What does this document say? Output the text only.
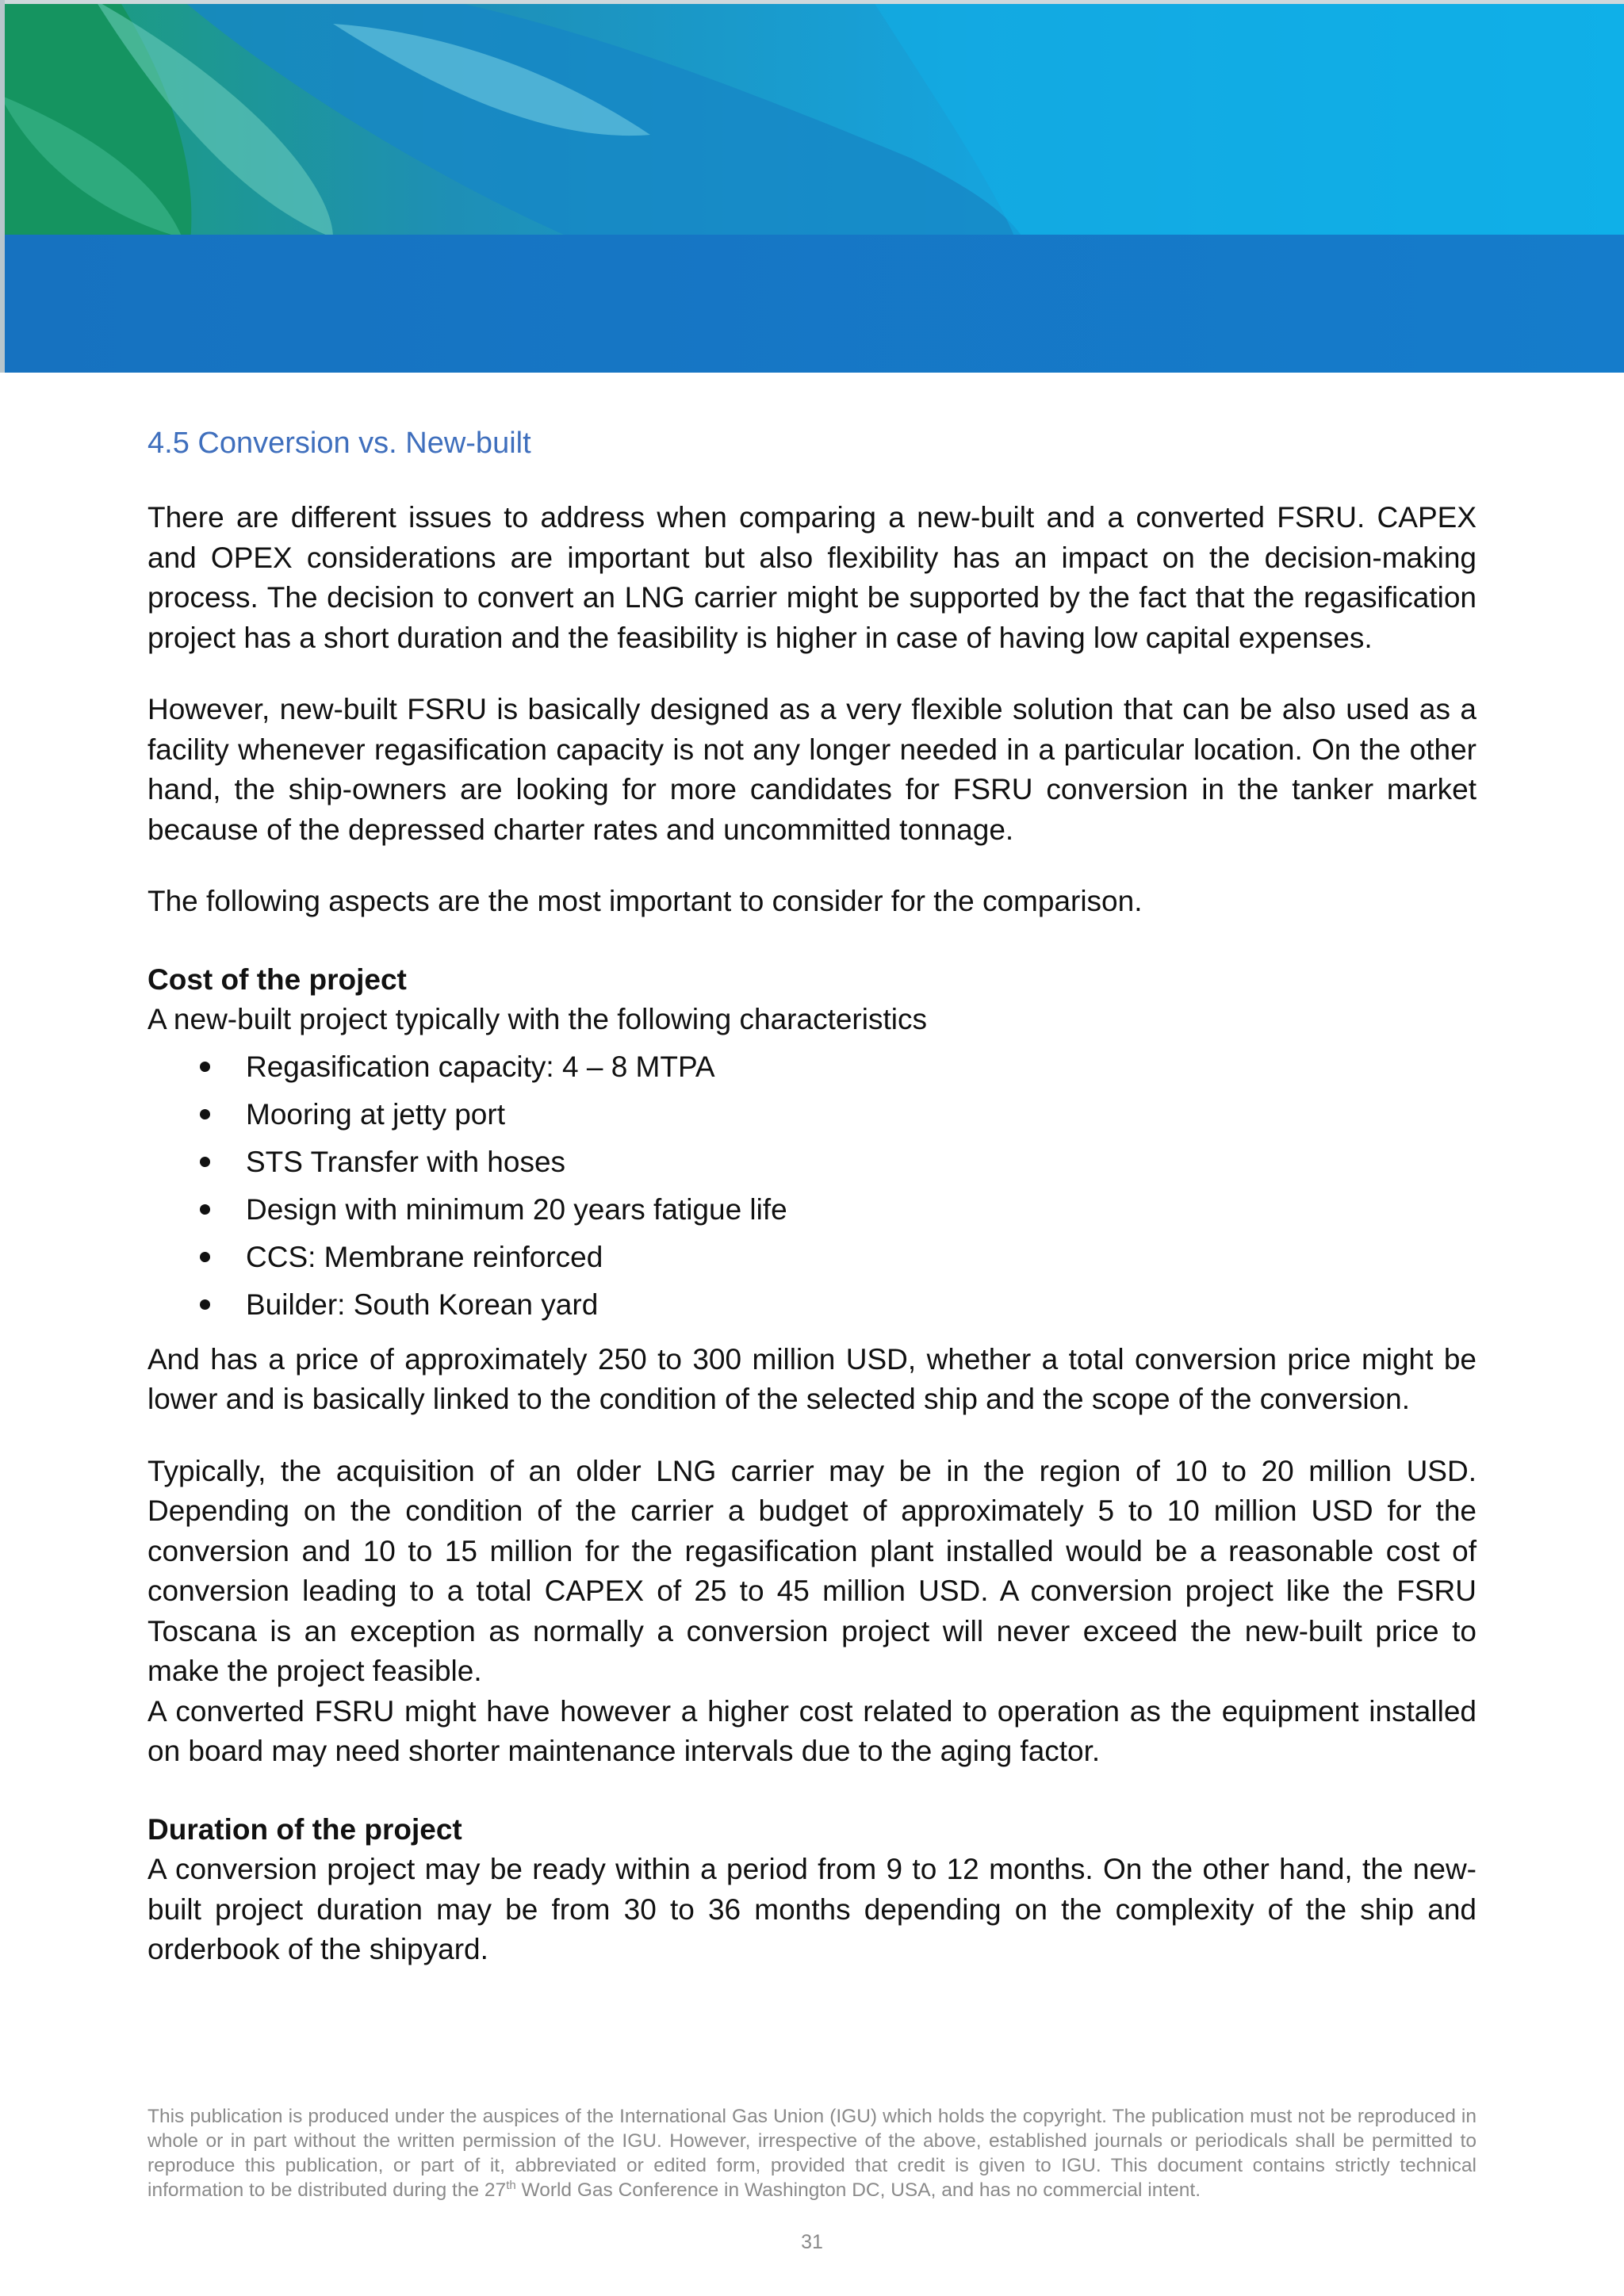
4.5 Conversion vs. New-built

There are different issues to address when comparing a new-built and a converted FSRU. CAPEX and OPEX considerations are important but also flexibility has an impact on the decision-making process. The decision to convert an LNG carrier might be supported by the fact that the regasification project has a short duration and the feasibility is higher in case of having low capital expenses.

However, new-built FSRU is basically designed as a very flexible solution that can be also used as a facility whenever regasification capacity is not any longer needed in a particular location. On the other hand, the ship-owners are looking for more candidates for FSRU conversion in the tanker market because of the depressed charter rates and uncommitted tonnage.

The following aspects are the most important to consider for the comparison.

Cost of the project

A new-built project typically with the following characteristics

Regasification capacity: 4 – 8 MTPA
Mooring at jetty port
STS Transfer with hoses
Design with minimum 20 years fatigue life
CCS: Membrane reinforced
Builder: South Korean yard

And has a price of approximately 250 to 300 million USD, whether a total conversion price might be lower and is basically linked to the condition of the selected ship and the scope of the conversion.

Typically, the acquisition of an older LNG carrier may be in the region of 10 to 20 million USD. Depending on the condition of the carrier a budget of approximately 5 to 10 million USD for the conversion and 10 to 15 million for the regasification plant installed would be a reasonable cost of conversion leading to a total CAPEX of 25 to 45 million USD. A conversion project like the FSRU Toscana is an exception as normally a conversion project will never exceed the new-built price to make the project feasible.

A converted FSRU might have however a higher cost related to operation as the equipment installed on board may need shorter maintenance intervals due to the aging factor.

Duration of the project

A conversion project may be ready within a period from 9 to 12 months. On the other hand, the new-built project duration may be from 30 to 36 months depending on the complexity of the ship and orderbook of the shipyard.

This publication is produced under the auspices of the International Gas Union (IGU) which holds the copyright. The publication must not be reproduced in whole or in part without the written permission of the IGU. However, irrespective of the above, established journals or periodicals shall be permitted to reproduce this publication, or part of it, abbreviated or edited form, provided that credit is given to IGU. This document contains strictly technical information to be distributed during the 27th World Gas Conference in Washington DC, USA, and has no commercial intent.
31
